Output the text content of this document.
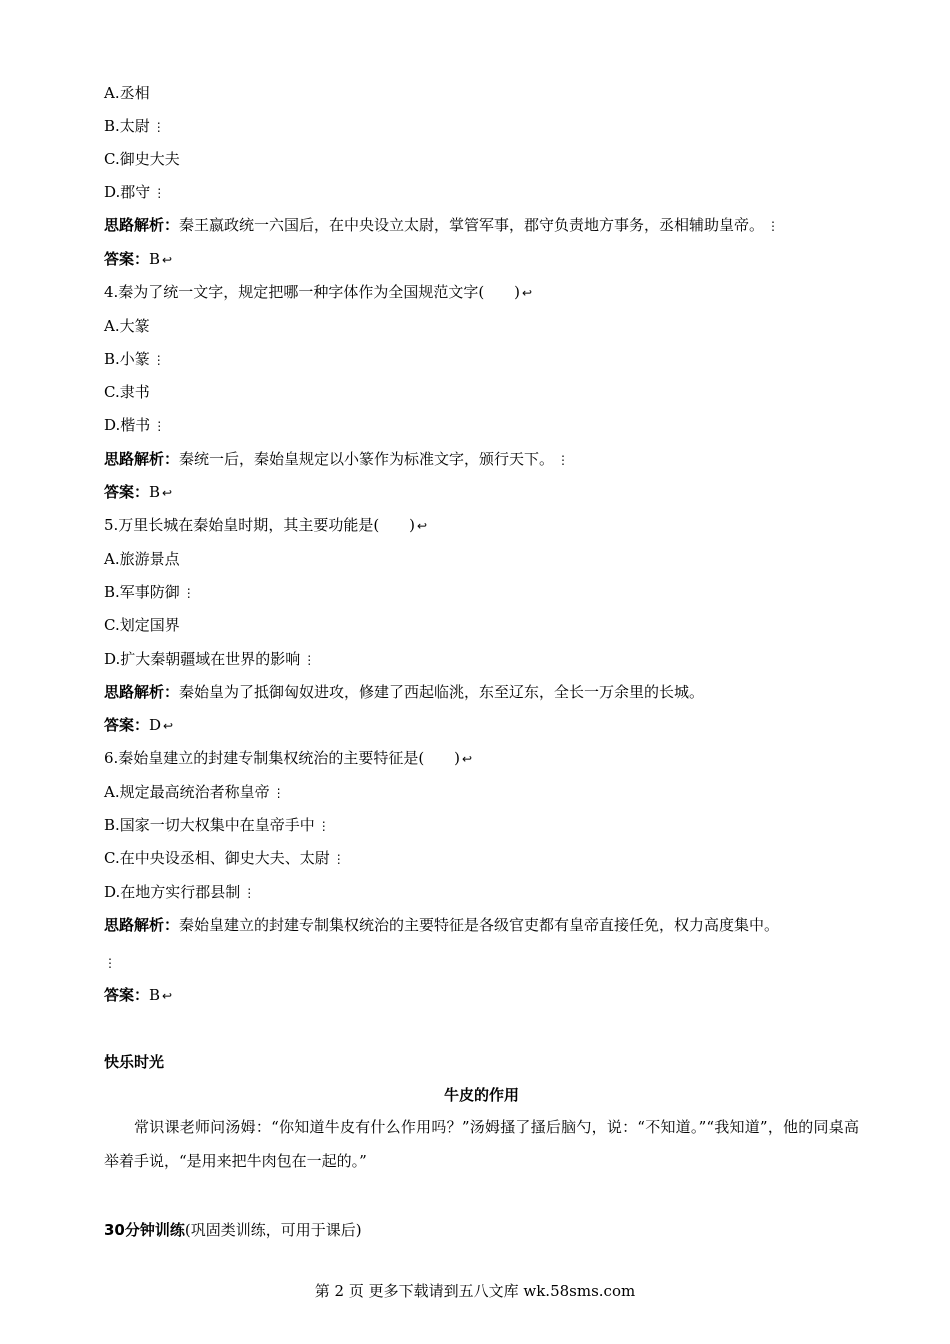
A.丞相
B.太尉 ⋮
C.御史大夫
D.郡守 ⋮
思路解析：秦王嬴政统一六国后，在中央设立太尉，掌管军事，郡守负责地方事务，丞相辅助皇帝。 ⋮
答案：B ↩
4.秦为了统一文字，规定把哪一种字体作为全国规范文字(　　) ↩
A.大篆
B.小篆 ⋮
C.隶书
D.楷书 ⋮
思路解析：秦统一后，秦始皇规定以小篆作为标准文字，颁行天下。 ⋮
答案：B ↩
5.万里长城在秦始皇时期，其主要功能是(　　) ↩
A.旅游景点
B.军事防御 ⋮
C.划定国界
D.扩大秦朝疆域在世界的影响 ⋮
思路解析：秦始皇为了抵御匈奴进攻，修建了西起临洮，东至辽东，全长一万余里的长城。
答案：D ↩
6.秦始皇建立的封建专制集权统治的主要特征是(　　) ↩
A.规定最高统治者称皇帝 ⋮
B.国家一切大权集中在皇帝手中 ⋮
C.在中央设丞相、御史大夫、太尉 ⋮
D.在地方实行郡县制 ⋮
思路解析：秦始皇建立的封建专制集权统治的主要特征是各级官吏都有皇帝直接任免，权力高度集中。
⋮
答案：B ↩
快乐时光
牛皮的作用
常识课老师问汤姆：“你知道牛皮有什么作用吗？”汤姆搔了搔后脑勺，说：“不知道。”“我知道”，他的同桌高举着手说，“是用来把牛肉包在一起的。”
30分钟训练(巩固类训练，可用于课后)
第 2 页 更多下载请到五八文库 wk.58sms.com
